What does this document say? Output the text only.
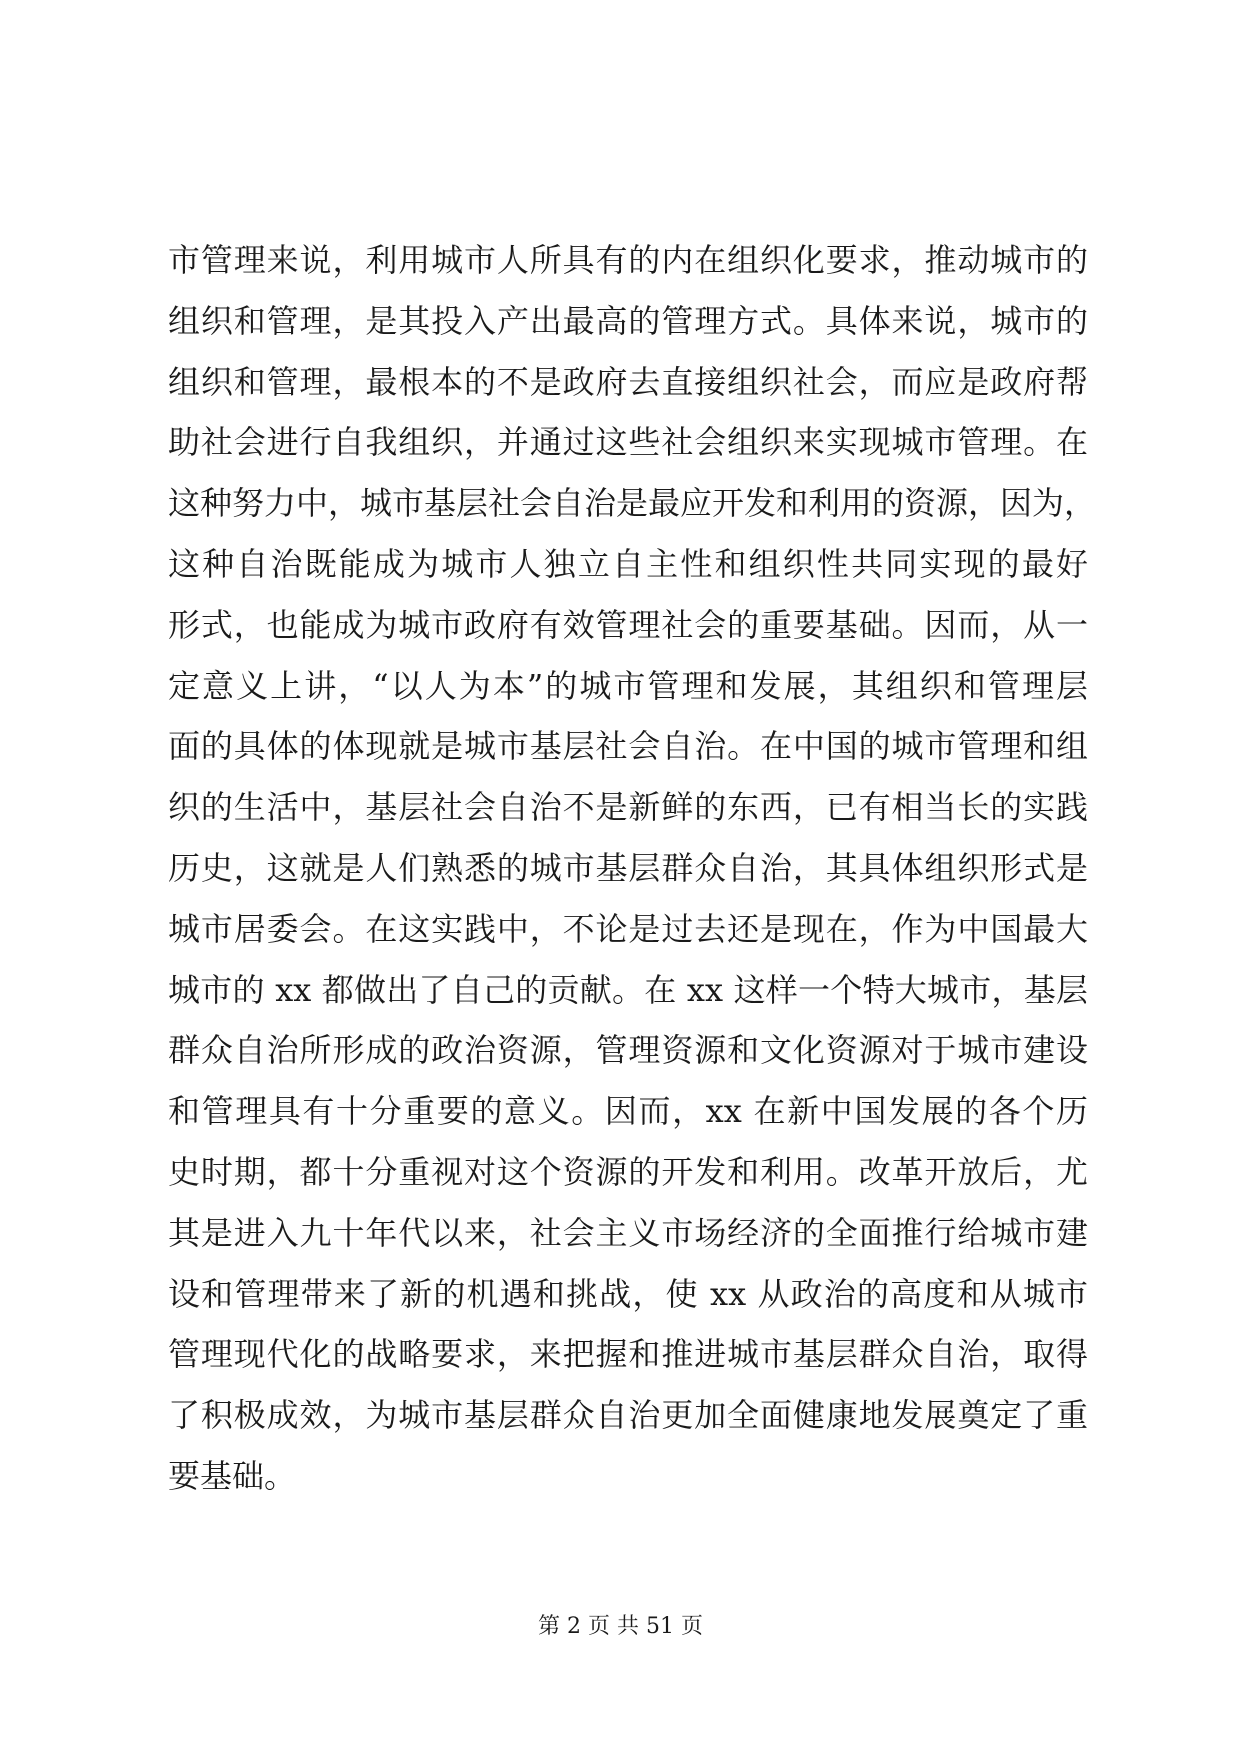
市管理来说，利用城市人所具有的内在组织化要求，推动城市的
组织和管理，是其投入产出最高的管理方式。具体来说，城市的
组织和管理，最根本的不是政府去直接组织社会，而应是政府帮
助社会进行自我组织，并通过这些社会组织来实现城市管理。在
这种努力中，城市基层社会自治是最应开发和利用的资源，因为，
这种自治既能成为城市人独立自主性和组织性共同实现的最好
形式，也能成为城市政府有效管理社会的重要基础。因而，从一
定意义上讲，“以人为本”的城市管理和发展，其组织和管理层
面的具体的体现就是城市基层社会自治。在中国的城市管理和组
织的生活中，基层社会自治不是新鲜的东西，已有相当长的实践
历史，这就是人们熟悉的城市基层群众自治，其具体组织形式是
城市居委会。在这实践中，不论是过去还是现在，作为中国最大
城市的 xx 都做出了自己的贡献。在 xx 这样一个特大城市，基层
群众自治所形成的政治资源，管理资源和文化资源对于城市建设
和管理具有十分重要的意义。因而，xx 在新中国发展的各个历
史时期，都十分重视对这个资源的开发和利用。改革开放后，尤
其是进入九十年代以来，社会主义市场经济的全面推行给城市建
设和管理带来了新的机遇和挑战，使 xx 从政治的高度和从城市
管理现代化的战略要求，来把握和推进城市基层群众自治，取得
了积极成效，为城市基层群众自治更加全面健康地发展奠定了重
要基础。
第 2 页 共 51 页
